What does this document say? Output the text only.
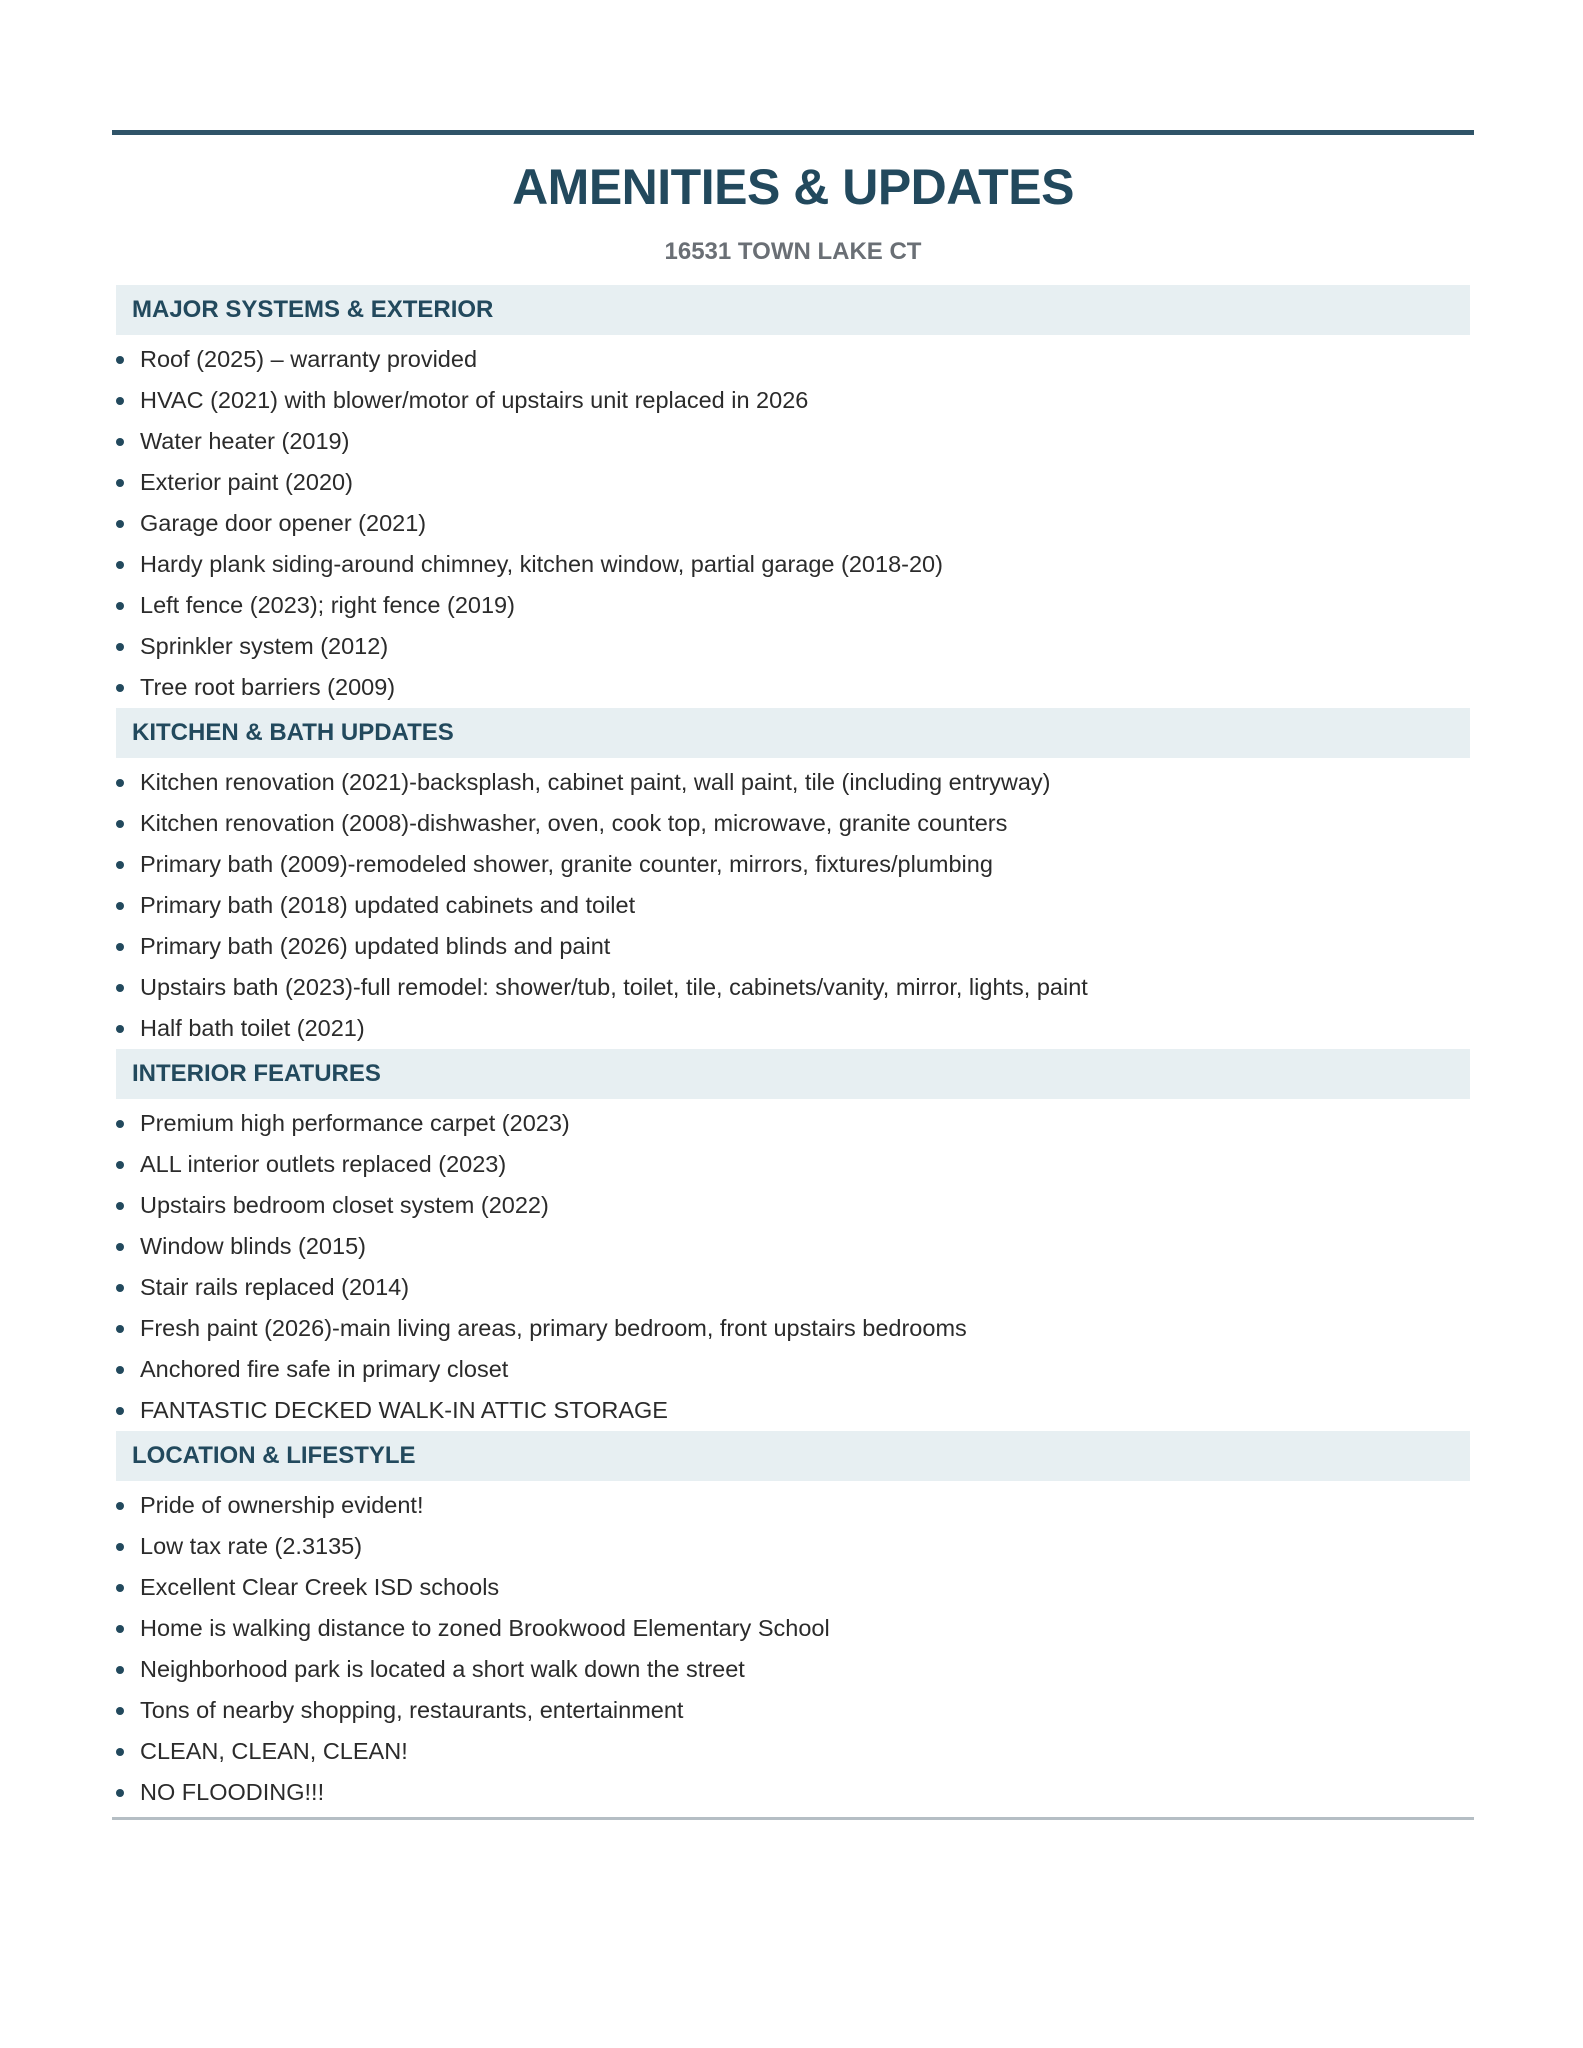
AMENITIES & UPDATES
16531 TOWN LAKE CT
MAJOR SYSTEMS & EXTERIOR
Roof (2025) – warranty provided
HVAC (2021) with blower/motor of upstairs unit replaced in 2026
Water heater (2019)
Exterior paint (2020)
Garage door opener (2021)
Hardy plank siding-around chimney, kitchen window, partial garage (2018-20)
Left fence (2023); right fence (2019)
Sprinkler system (2012)
Tree root barriers (2009)
KITCHEN & BATH UPDATES
Kitchen renovation (2021)-backsplash, cabinet paint, wall paint, tile (including entryway)
Kitchen renovation (2008)-dishwasher, oven, cook top, microwave, granite counters
Primary bath (2009)-remodeled shower, granite counter, mirrors, fixtures/plumbing
Primary bath (2018) updated cabinets and toilet
Primary bath (2026) updated blinds and paint
Upstairs bath (2023)-full remodel: shower/tub, toilet, tile, cabinets/vanity, mirror, lights, paint
Half bath toilet (2021)
INTERIOR FEATURES
Premium high performance carpet (2023)
ALL interior outlets replaced (2023)
Upstairs bedroom closet system (2022)
Window blinds (2015)
Stair rails replaced (2014)
Fresh paint (2026)-main living areas, primary bedroom, front upstairs bedrooms
Anchored fire safe in primary closet
FANTASTIC DECKED WALK-IN ATTIC STORAGE
LOCATION & LIFESTYLE
Pride of ownership evident!
Low tax rate (2.3135)
Excellent Clear Creek ISD schools
Home is walking distance to zoned Brookwood Elementary School
Neighborhood park is located a short walk down the street
Tons of nearby shopping, restaurants, entertainment
CLEAN, CLEAN, CLEAN!
NO FLOODING!!!
